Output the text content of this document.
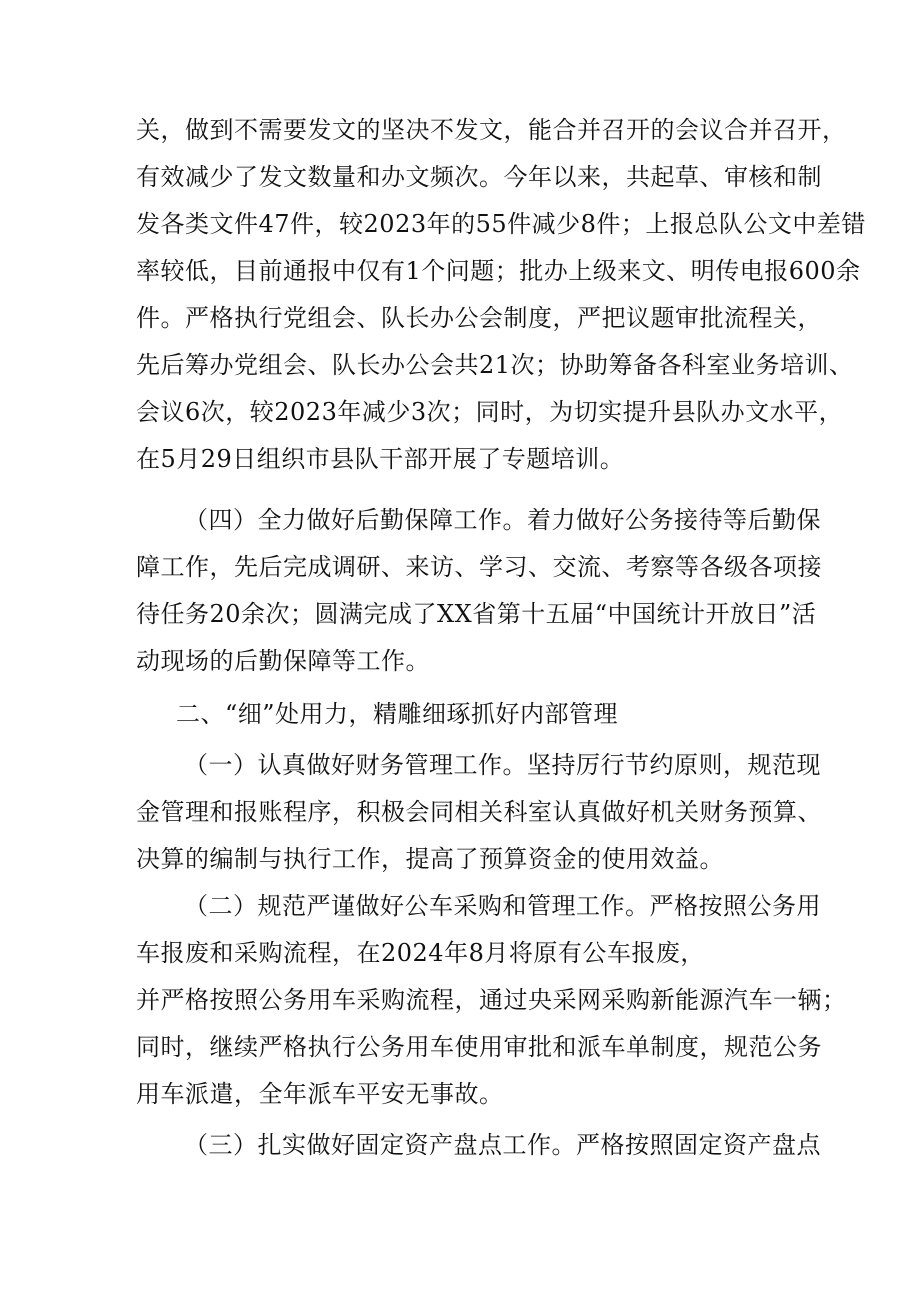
关，做到不需要发文的坚决不发文，能合并召开的会议合并召开，
有效减少了发文数量和办文频次。今年以来，共起草、审核和制
发各类文件47件，较2023年的55件减少8件；上报总队公文中差错
率较低，目前通报中仅有1个问题；批办上级来文、明传电报600余
件。严格执行党组会、队长办公会制度，严把议题审批流程关，
先后筹办党组会、队长办公会共21次；协助筹备各科室业务培训、
会议6次，较2023年减少3次；同时，为切实提升县队办文水平，
在5月29日组织市县队干部开展了专题培训。
（四）全力做好后勤保障工作。着力做好公务接待等后勤保
障工作，先后完成调研、来访、学习、交流、考察等各级各项接
待任务20余次；圆满完成了XX省第十五届“中国统计开放日”活
动现场的后勤保障等工作。
二、“细”处用力，精雕细琢抓好内部管理
（一）认真做好财务管理工作。坚持厉行节约原则，规范现
金管理和报账程序，积极会同相关科室认真做好机关财务预算、
决算的编制与执行工作，提高了预算资金的使用效益。
（二）规范严谨做好公车采购和管理工作。严格按照公务用
车报废和采购流程，在2024年8月将原有公车报废，
并严格按照公务用车采购流程，通过央采网采购新能源汽车一辆；
同时，继续严格执行公务用车使用审批和派车单制度，规范公务
用车派遣，全年派车平安无事故。
（三）扎实做好固定资产盘点工作。严格按照固定资产盘点
